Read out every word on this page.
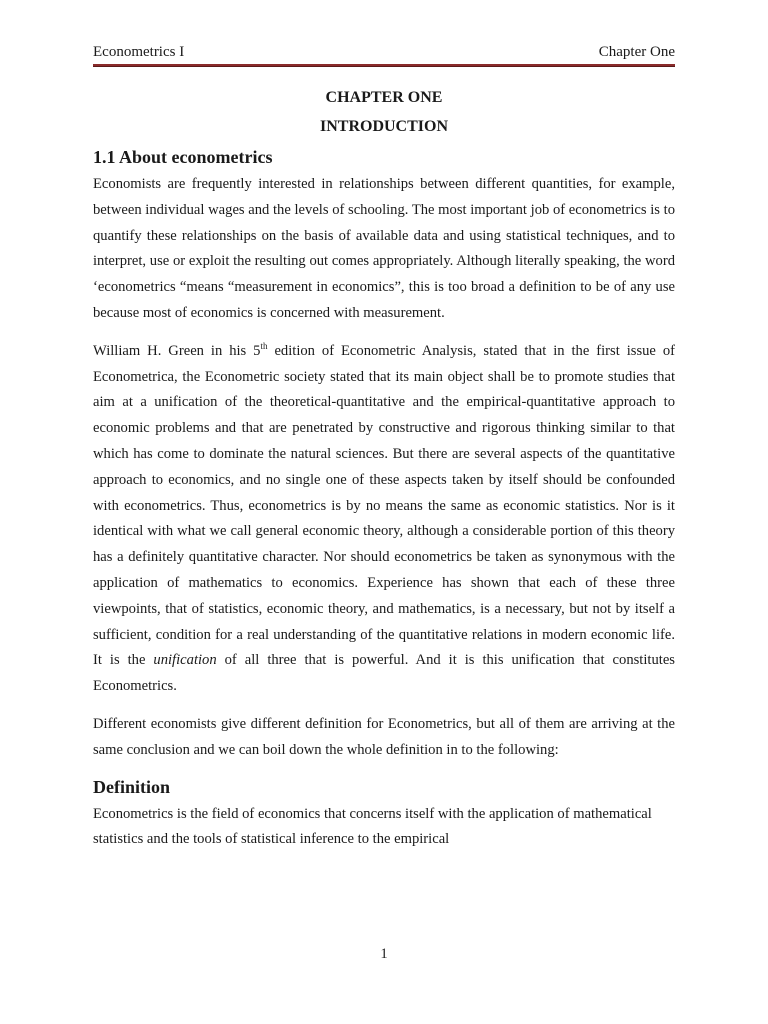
Econometrics I	Chapter One
CHAPTER ONE
INTRODUCTION
1.1 About econometrics

Economists are frequently interested in relationships between different quantities, for example, between individual wages and the levels of schooling. The most important job of econometrics is to quantify these relationships on the basis of available data and using statistical techniques, and to interpret, use or exploit the resulting out comes appropriately. Although literally speaking, the word ‘econometrics “means “measurement in economics”, this is too broad a definition to be of any use because most of economics is concerned with measurement.

William H. Green in his 5th edition of Econometric Analysis, stated that in the first issue of Econometrica, the Econometric society stated that its main object shall be to promote studies that aim at a unification of the theoretical-quantitative and the empirical-quantitative approach to economic problems and that are penetrated by constructive and rigorous thinking similar to that which has come to dominate the natural sciences. But there are several aspects of the quantitative approach to economics, and no single one of these aspects taken by itself should be confounded with econometrics. Thus, econometrics is by no means the same as economic statistics. Nor is it identical with what we call general economic theory, although a considerable portion of this theory has a definitely quantitative character. Nor should econometrics be taken as synonymous with the application of mathematics to economics. Experience has shown that each of these three viewpoints, that of statistics, economic theory, and mathematics, is a necessary, but not by itself a sufficient, condition for a real understanding of the quantitative relations in modern economic life. It is the unification of all three that is powerful. And it is this unification that constitutes Econometrics.

Different economists give different definition for Econometrics, but all of them are arriving at the same conclusion and we can boil down the whole definition in to the following:

Definition

Econometrics is the field of economics that concerns itself with the application of mathematical statistics and the tools of statistical inference to the empirical

1
